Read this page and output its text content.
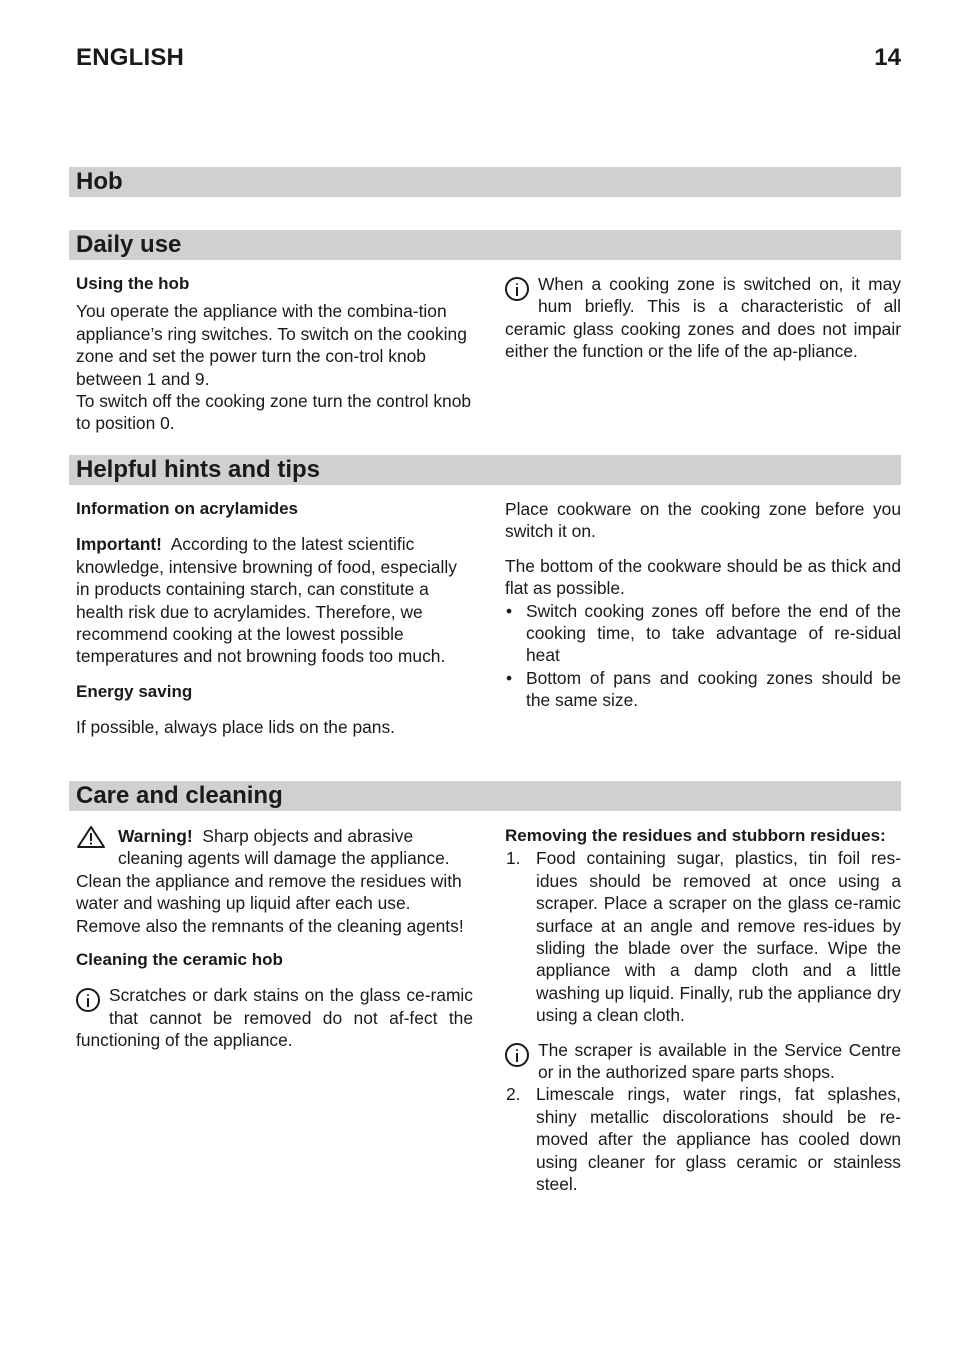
ENGLISH	14
Hob
Daily use

Using the hob

You operate the appliance with the combina-tion appliance’s ring switches. To switch on the cooking zone and set the power turn the con-trol knob between 1 and 9.

To switch off the cooking zone turn the control knob to position 0.

When a cooking zone is switched on, it may hum briefly. This is a characteristic of all ceramic glass cooking zones and does not impair either the function or the life of the ap-pliance.
Helpful hints and tips

Information on acrylamides

Important! According to the latest scientific knowledge, intensive browning of food, especially in products containing starch, can constitute a health risk due to acrylamides. Therefore, we recommend cooking at the lowest possible temperatures and not browning foods too much.

Energy saving

If possible, always place lids on the pans.

Place cookware on the cooking zone before you switch it on.

The bottom of the cookware should be as thick and flat as possible.

• Switch cooking zones off before the end of the cooking time, to take advantage of re-sidual heat
• Bottom of pans and cooking zones should be the same size.
Care and cleaning

Warning! Sharp objects and abrasive cleaning agents will damage the appliance. Clean the appliance and remove the residues with water and washing up liquid after each use. Remove also the remnants of the cleaning agents!

Cleaning the ceramic hob

Scratches or dark stains on the glass ce-ramic that cannot be removed do not af-fect the functioning of the appliance.

Removing the residues and stubborn residues:

1. Food containing sugar, plastics, tin foil res-idues should be removed at once using a scraper. Place a scraper on the glass ce-ramic surface at an angle and remove res-idues by sliding the blade over the surface. Wipe the appliance with a damp cloth and a little washing up liquid. Finally, rub the appliance dry using a clean cloth.

The scraper is available in the Service Centre or in the authorized spare parts shops.

2. Limescale rings, water rings, fat splashes, shiny metallic discolorations should be re-moved after the appliance has cooled down using cleaner for glass ceramic or stainless steel.
